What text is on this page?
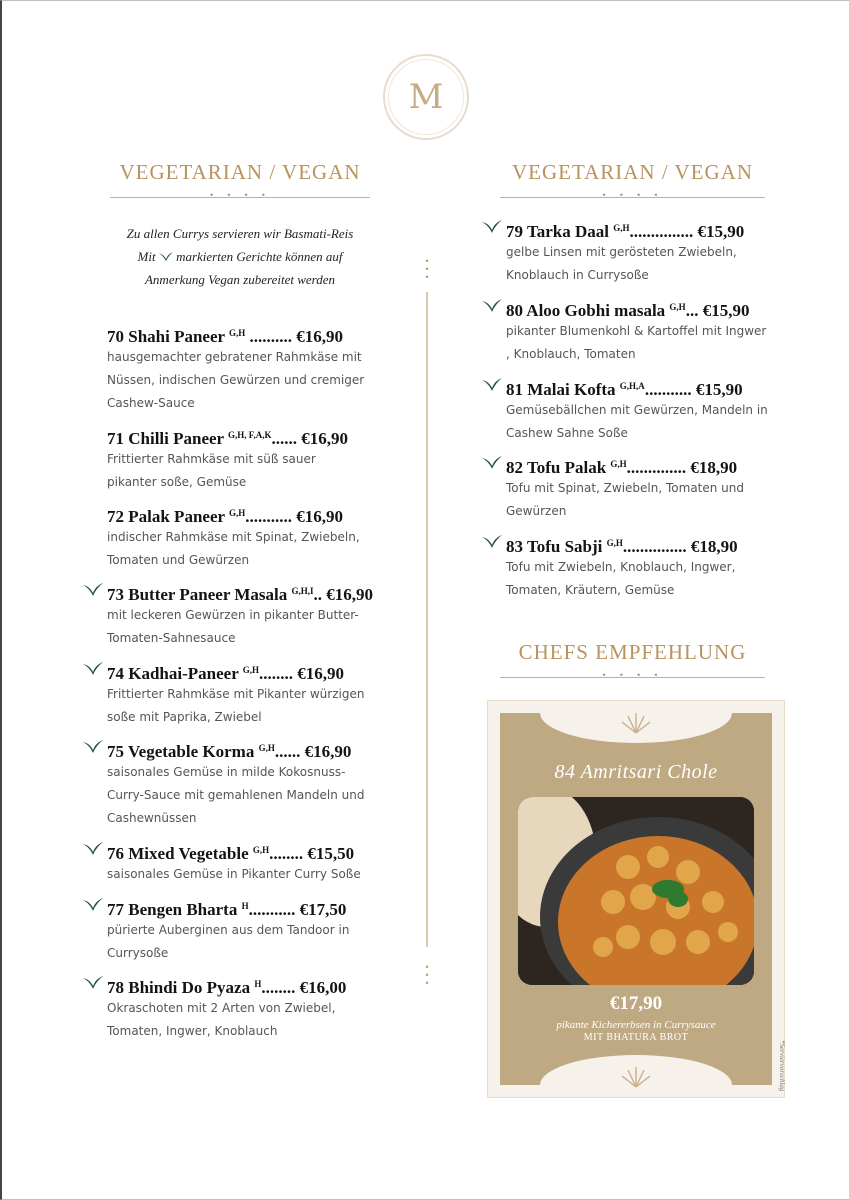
M
VEGETARIAN / VEGAN
• • • •
Zu allen Currys servieren wir Basmati-Reis
Mit markierten Gerichte können auf
Anmerkung Vegan zubereitet werden
•
•
•
•
•
•
VEGETARIAN / VEGAN
• • • •
70 Shahi Paneer $^{G,H}$ .......... €16,90
hausgemachter gebratener Rahmkäse mit Nüssen, indischen Gewürzen und cremiger Cashew-Sauce
71 Chilli Paneer $^{G,H, F,A,K}$...... €16,90
Frittierter Rahmkäse mit süß sauer pikanter soße, Gemüse
72 Palak Paneer $^{G,H}$........... €16,90
indischer Rahmkäse mit Spinat, Zwiebeln, Tomaten und Gewürzen
73 Butter Paneer Masala $^{G,H,I}$.. €16,90
mit leckeren Gewürzen in pikanter Butter-Tomaten-Sahnesauce
74 Kadhai-Paneer $^{G,H}$........ €16,90
Frittierter Rahmkäse mit Pikanter würzigen soße mit Paprika, Zwiebel
75 Vegetable Korma $^{G,H}$...... €16,90
saisonales Gemüse in milde Kokosnuss-Curry-Sauce mit gemahlenen Mandeln und Cashewnüssen
76 Mixed Vegetable $^{G,H}$........ €15,50
saisonales Gemüse in Pikanter Curry Soße
77 Bengen Bharta $^H$........... €17,50
pürierte Auberginen aus dem Tandoor in Currysoße
78 Bhindi Do Pyaza $^H$........ €16,00
Okraschoten mit 2 Arten von Zwiebel, Tomaten, Ingwer, Knoblauch
79 Tarka Daal $^{G,H}$............... €15,90
gelbe Linsen mit gerösteten Zwiebeln, Knoblauch in Currysoße
80 Aloo Gobhi masala $^{G,H}$... €15,90
pikanter Blumenkohl & Kartoffel mit Ingwer , Knoblauch, Tomaten
81 Malai Kofta $^{G,H,A}$........... €15,90
Gemüsebällchen mit Gewürzen, Mandeln in Cashew Sahne Soße
82 Tofu Palak $^{G,H}$.............. €18,90
Tofu mit Spinat, Zwiebeln, Tomaten und Gewürzen
83 Tofu Sabji $^{G,H}$............... €18,90
Tofu mit Zwiebeln, Knoblauch, Ingwer, Tomaten, Kräutern, Gemüse
CHEFS EMPFEHLUNG
• • • •
84 Amritsari Chole
€17,90
pikante Kichererbsen in Currysauce
MIT BHATURA BROT
*Serviervorschlag
